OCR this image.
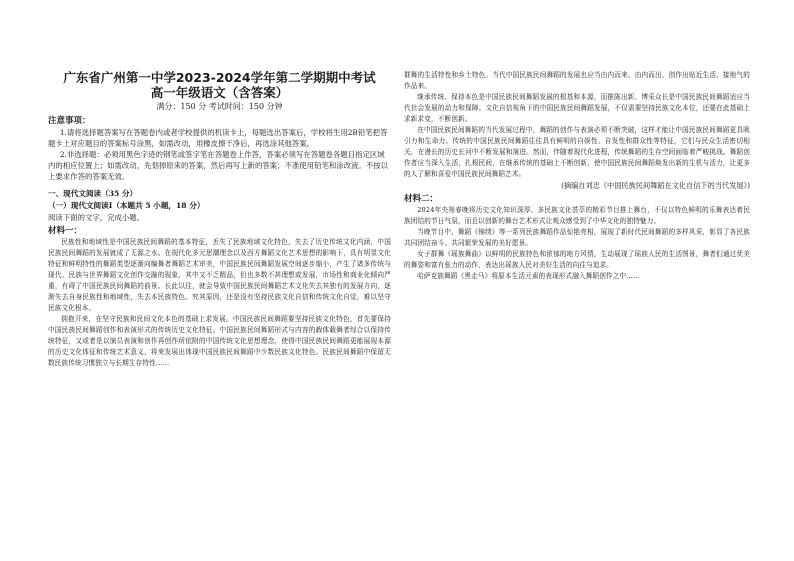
广东省广州第一中学2023-2024学年第二学期期中考试

高一年级语文（含答案）

满分：150 分 考试时间：150 分钟

注意事项：

1.请将选择题答案写在答题卷内或者学校提供的机读卡上，每题选出答案后，学校将生用2B铅笔把答题卡上对应题目的答案标号涂黑，如需改动，用橡皮擦干净后，再选涂其他答案。

2.非选择题：必须用黑色字迹的钢笔或签字笔在答题卷上作答，答案必须写在答题卷各题目指定区域内的相应位置上；如需改动，先划掉原来的答案，然后再写上新的答案；不准使用铅笔和涂改液。不按以上要求作答的答案无效。

一、现代文阅读（35 分）

（一）现代文阅读Ⅰ（本题共 5 小题，18 分）

阅读下面的文字，完成小题。

材料一：

民族性和地域性是中国民族民间舞蹈的基本特征，丢失了民族地域文化特色，失去了历史传统文化内涵，中国民族民间舞蹈的发展就成了无源之水。在现代化多元思潮理念以及西方舞蹈文化艺术思想的影响下，具有明显文化特征和鲜明特性的舞蹈类型逐渐向编舞者舞蹈艺术审美，中国民族民间舞蹈发展空间逐步缩小，产生了诸多传统与现代、民族与世界舞蹈文化创作交融的现象，其中又不乏精品，但也多数不甚理想或发展，市场性和商业化倾向严重，有碍了中国民族民间舞蹈的前景。长此以往，就会导致中国民族民间舞蹈艺术文化失去其独有的发展方向，逐渐失去自身民族性和地域性，失去本民族特色。究其原因，还是没有坚持民族文化自信和传统文化自觉，难以坚守民族文化根本。

拥抱开来，在坚守民族和民间文化本色的基础上求发展。中国民族民间舞蹈要坚持民族文化特色，首先要保持中国民族民间舞蹈创作和表演形式的传统历史文化特征。中国民族民间舞蹈形式与内容的载体载舞者综合以保持传统特征，又或者是以演员表演和创作再创作所依附的中国传统文化思想理念，使得中国民族民间舞蹈更能展现本源的历史文化体征和传统艺术意义，将来发展出体现中国民族民间舞蹈中少数民族文化特色。民族民间舞蹈中保留无数民族传统习惯独立与长期生存特性……

群舞的生活特性和乡土特色。当代中国民族民间舞蹈的发展也应当由内而来、由内而出，创作出贴近生活、接地气的作品来。

继承传统、保持本色是中国民族民间舞蹈发展的根基和本源，而推陈出新、博采众长是中国民族民间舞蹈适应当代社会发展的动力和保障。文化自信视角下的中国民族民间舞蹈发展，不仅需要坚持民族文化本位，还要在此基础上求新求变，不断创新。

在中国民族民间舞蹈的当代发展过程中，舞蹈的创作与表演必须不断突破，这样才能让中国民族民间舞蹈更具吸引力和生命力。传统的中国民族民间舞蹈往往具有鲜明的自娱性、自发性和群众性等特征，它们与民众生活密切相关，在漫长的历史长河中不断发展和演进。然而，伴随着现代化进程，传统舞蹈的生存空间面临着严峻挑战。舞蹈创作者应当深入生活，扎根民间，在继承传统的基础上不断创新，使中国民族民间舞蹈焕发出新的生机与活力，让更多的人了解和喜爱中国民族民间舞蹈艺术。

(摘编自刘忠《中国民族民间舞蹈在文化自信下的当代发展》)

材料二：

2024年央视春晚将历史文化知识深厚、多民族文化荟萃的精彩节目推上舞台，不仅以特色鲜明的乐舞表达着民族团结的节日气氛，而且以创新的舞台艺术形式让观众感受到了中华文化的独特魅力。

当晚节目中，舞蹈《锦绣》等一系列民族舞蹈作品惊艳亮相，展现了新时代民间舞蹈的多样风采，彰显了各民族共同团结奋斗、共同繁荣发展的美好愿景。

女子群舞《瑶族舞曲》以鲜明的民族特色和浓郁的地方风情，生动展现了瑶族人民的生活图景，舞者们通过优美的舞姿和富有张力的动作，表达出瑶族人民对美好生活的向往与追求。

哈萨克族舞蹈《黑走马》将原本生活元素的表现形式融入舞蹈创作之中……
